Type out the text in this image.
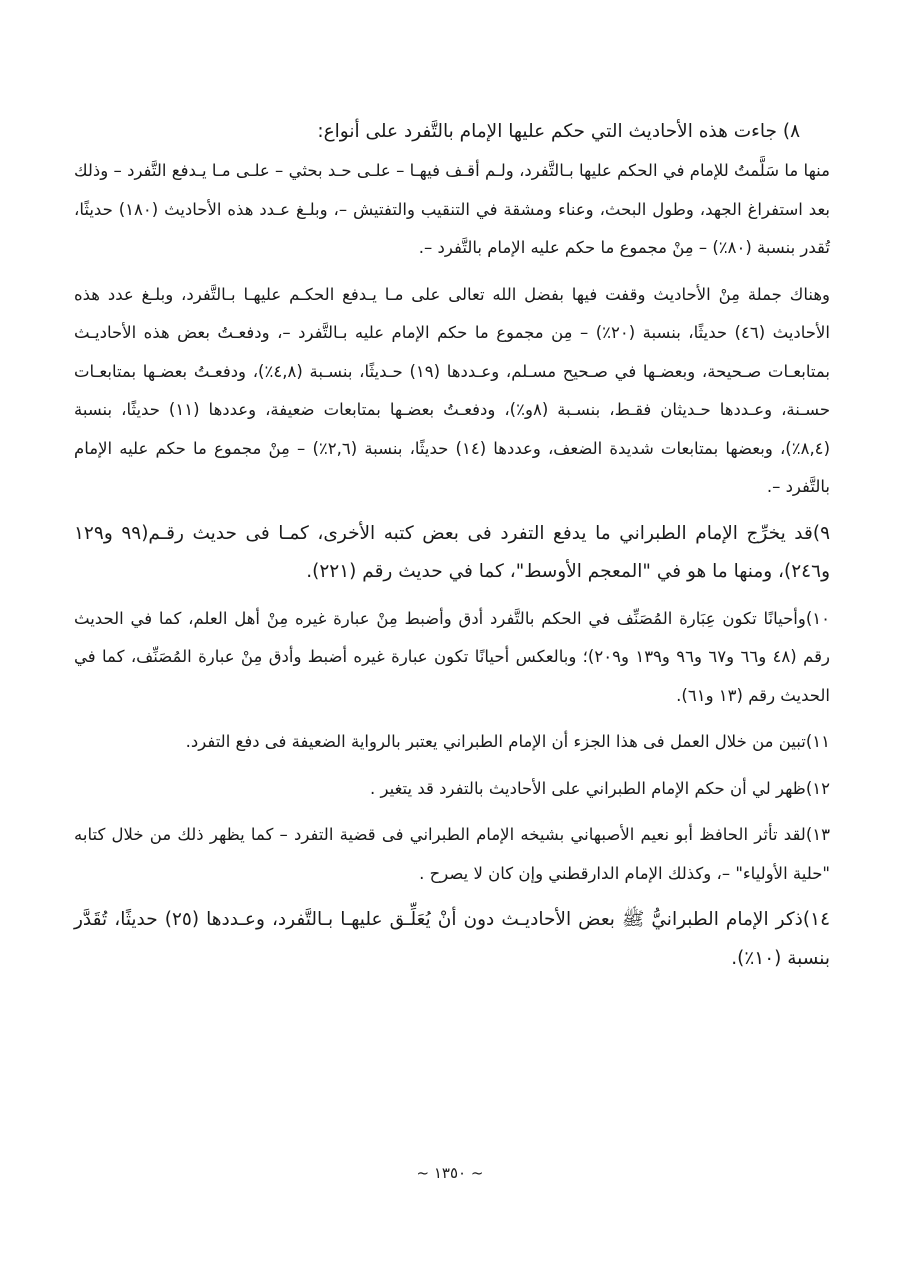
٨) جاءت هذه الأحاديث التي حكم عليها الإمام بالتَّفرد على أنواع:

منها ما سَلَّمتُ للإمام في الحكم عليها بـالتَّفرد، ولـم أقـف فيهـا – علـى حـد بحثي – علـى مـا يـدفع التَّفرد – وذلك بعد استفراغ الجهد، وطول البحث، وعناء ومشقة في التنقيب والتفتيش –، وبلـغ عـدد هذه الأحاديث (١٨٠) حديثًا، تُقدر بنسبة (٨٠٪) – مِنْ مجموع ما حكم عليه الإمام بالتَّفرد –.

وهناك جملة مِنْ الأحاديث وقفت فيها بفضل الله تعالى على مـا يـدفع الحكـم عليهـا بـالتَّفرد، وبلـغ عدد هذه الأحاديث (٤٦) حديثًا، بنسبة (٢٠٪) – مِن مجموع ما حكم الإمام عليه بـالتَّفرد –، ودفعـتُ بعض هذه الأحاديـث بمتابعـات صـحيحة، وبعضـها في صـحيح مسـلم، وعـددها (١٩) حـديثًا، بنسـبة (٤,٨٪)، ودفعـتُ بعضـها بمتابعـات حسـنة، وعـددها حـديثان فقـط، بنسـبة (٨و٪)، ودفعـتُ بعضـها بمتابعات ضعيفة، وعددها (١١) حديثًا، بنسبة (٨,٤٪)، وبعضها بمتابعات شديدة الضعف، وعددها (١٤) حديثًا، بنسبة (٢,٦٪) – مِنْ مجموع ما حكم عليه الإمام بالتَّفرد –.

٩)قد يخرِّج الإمام الطبراني ما يدفع التفرد فى بعض كتبه الأخرى، كمـا فى حديث رقـم(٩٩ و١٢٩ و٢٤٦)، ومنها ما هو في "المعجم الأوسط"، كما في حديث رقم (٢٢١).

١٠)وأحيانًا تكون عِبَارة المُصَنِّف في الحكم بالتَّفرد أدق وأضبط مِنْ عبارة غيره مِنْ أهل العلم، كما في الحديث رقم (٤٨ و٦٦ و٦٧ و٩٦ و١٣٩ و٢٠٩)؛ وبالعكس أحيانًا تكون عبارة غيره أضبط وأدق مِنْ عبارة المُصَنِّف، كما في الحديث رقم (١٣ و٦١).

١١)تبين من خلال العمل فى هذا الجزء أن الإمام الطبراني يعتبر بالرواية الضعيفة فى دفع التفرد.

١٢)ظهر لي أن حكم الإمام الطبراني على الأحاديث بالتفرد قد يتغير .

١٣)لقد تأثر الحافظ أبو نعيم الأصبهاني بشيخه الإمام الطبراني فى قضية التفرد – كما يظهر ذلك من خلال كتابه "حلية الأولياء" –، وكذلك الإمام الدارقطني وإن كان لا يصرح .

١٤)ذكر الإمام الطبرانيُّ ﷺ بعض الأحاديـث دون أنْ يُعَلِّـق عليهـا بـالتَّفرد، وعـددها (٢٥) حديثًا، تُقَدَّر بنسبة (١٠٪).

~ ١٣٥٠ ~
